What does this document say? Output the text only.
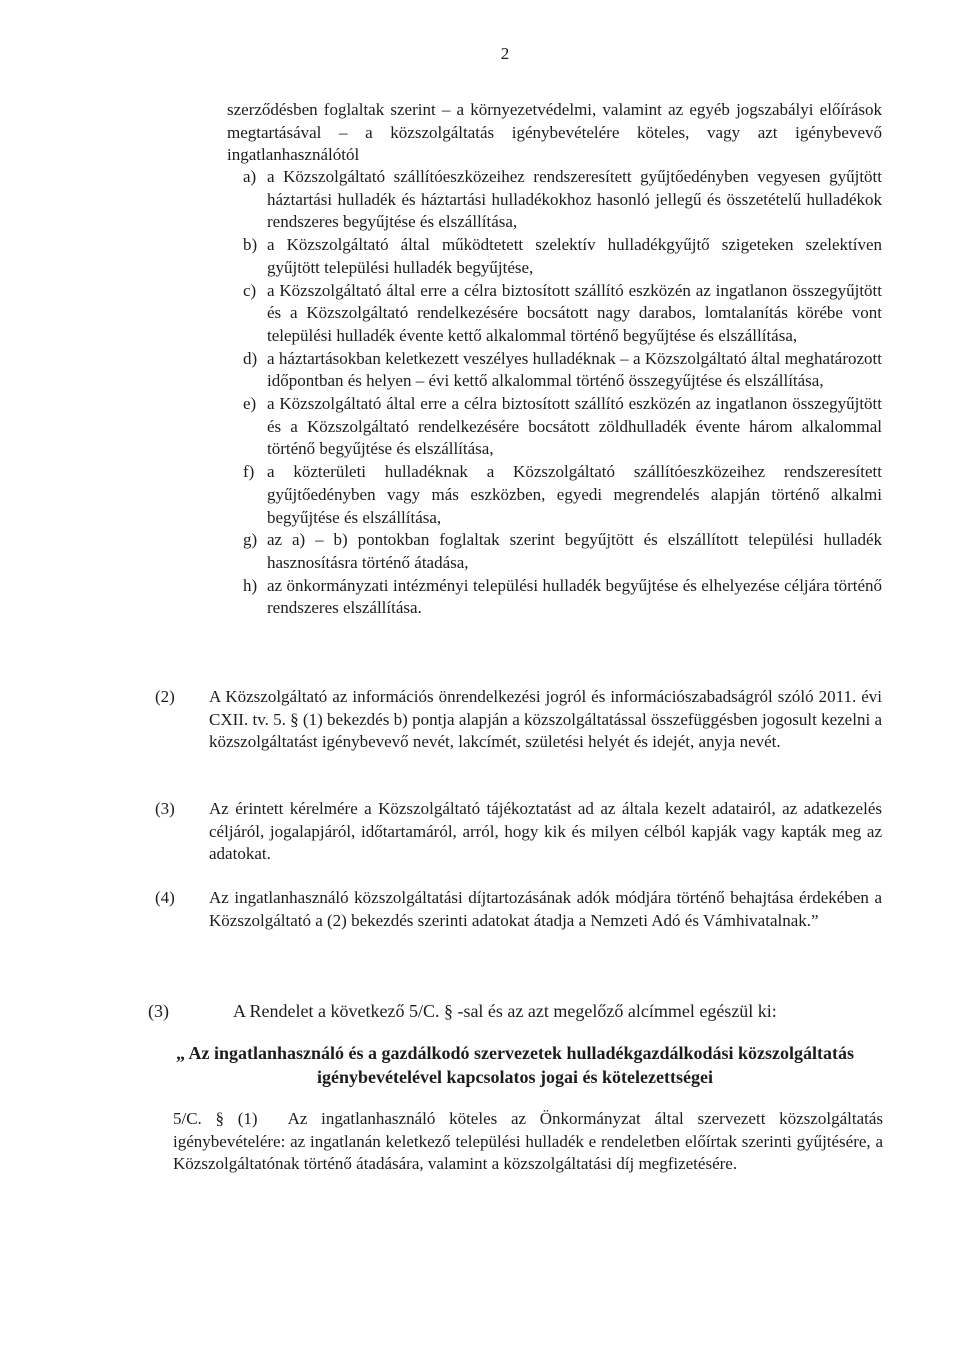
2
szerződésben foglaltak szerint – a környezetvédelmi, valamint az egyéb jogszabályi előírások megtartásával – a közszolgáltatás igénybevételére köteles, vagy azt igénybevevő ingatlanhasználótól
a) a Közszolgáltató szállítóeszközeihez rendszeresített gyűjtőedényben vegyesen gyűjtött háztartási hulladék és háztartási hulladékokhoz hasonló jellegű és összetételű hulladékok rendszeres begyűjtése és elszállítása,
b) a Közszolgáltató által működtetett szelektív hulladékgyűjtő szigeteken szelektíven gyűjtött települési hulladék begyűjtése,
c) a Közszolgáltató által erre a célra biztosított szállító eszközén az ingatlanon összegyűjtött és a Közszolgáltató rendelkezésére bocsátott nagy darabos, lomtalanítás körébe vont települési hulladék évente kettő alkalommal történő begyűjtése és elszállítása,
d) a háztartásokban keletkezett veszélyes hulladéknak – a Közszolgáltató által meghatározott időpontban és helyen – évi kettő alkalommal történő összegyűjtése és elszállítása,
e) a Közszolgáltató által erre a célra biztosított szállító eszközén az ingatlanon összegyűjtött és a Közszolgáltató rendelkezésére bocsátott zöldhulladék évente három alkalommal történő begyűjtése és elszállítása,
f) a közterületi hulladéknak a Közszolgáltató szállítóeszközeihez rendszeresített gyűjtőedényben vagy más eszközben, egyedi megrendelés alapján történő alkalmi begyűjtése és elszállítása,
g) az a) – b) pontokban foglaltak szerint begyűjtött és elszállított települési hulladék hasznosításra történő átadása,
h) az önkormányzati intézményi települési hulladék begyűjtése és elhelyezése céljára történő rendszeres elszállítása.
(2)	A Közszolgáltató az információs önrendelkezési jogról és információszabadságról szóló 2011. évi CXII. tv. 5. § (1) bekezdés b) pontja alapján a közszolgáltatással összefüggésben jogosult kezelni a közszolgáltatást igénybevevő nevét, lakcímét, születési helyét és idejét, anyja nevét.
(3)	Az érintett kérelmére a Közszolgáltató tájékoztatást ad az általa kezelt adatairól, az adatkezelés céljáról, jogalapjáról, időtartamáról, arról, hogy kik és milyen célból kapják vagy kapták meg az adatokat.
(4)	Az ingatlanhasználó közszolgáltatási díjtartozásának adók módjára történő behajtása érdekében a Közszolgáltató a (2) bekezdés szerinti adatokat átadja a Nemzeti Adó és Vámhivatalnak.”
(3)	A Rendelet a következő 5/C. § -sal és az azt megelőző alcímmel egészül ki:
„ Az ingatlanhasználó és a gazdálkodó szervezetek hulladékgazdálkodási közszolgáltatás igénybevételével kapcsolatos jogai és kötelezettségei
5/C. § (1) Az ingatlanhasználó köteles az Önkormányzat által szervezett közszolgáltatás igénybevételére: az ingatlanán keletkező települési hulladék e rendeletben előírtak szerinti gyűjtésére, a Közszolgáltatónak történő átadására, valamint a közszolgáltatási díj megfizetésére.
